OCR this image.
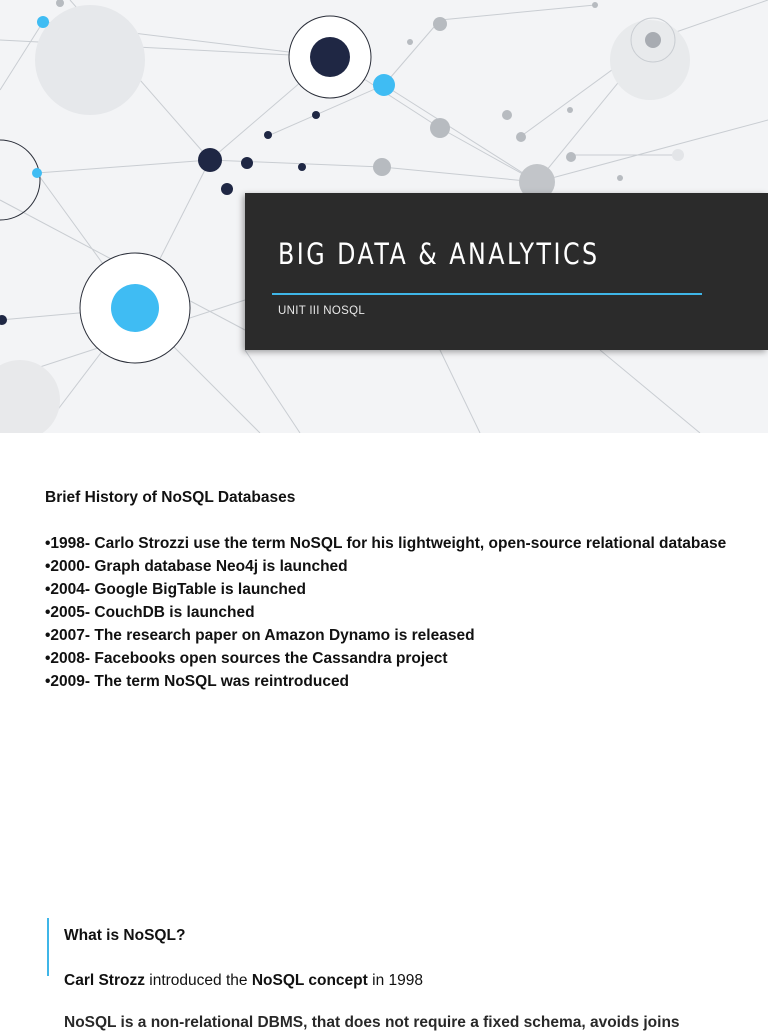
BIG DATA & ANALYTICS
UNIT III NOSQL
Brief History of NoSQL Databases
•1998- Carlo Strozzi use the term NoSQL for his lightweight, open-source relational database
•2000- Graph database Neo4j is launched
•2004- Google BigTable is launched
•2005- CouchDB is launched
•2007- The research paper on Amazon Dynamo is released
•2008- Facebooks open sources the Cassandra project
•2009- The term NoSQL was reintroduced
What is NoSQL?
Carl Strozz introduced the NoSQL concept in 1998
NoSQL is a non-relational DBMS, that does not require a fixed schema, avoids joins
